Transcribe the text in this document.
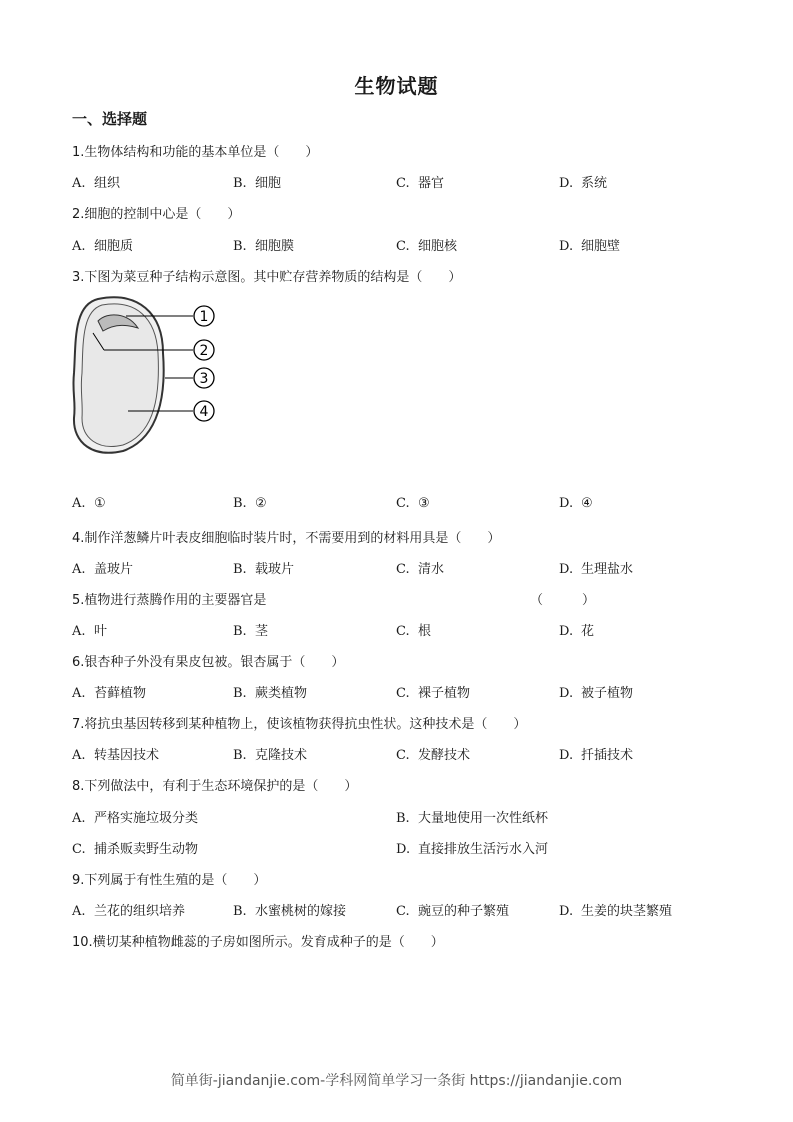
生物试题
一、选择题
1.生物体结构和功能的基本单位是（　　）
A. 组织	B. 细胞	C. 器官	D. 系统
2.细胞的控制中心是（　　）
A. 细胞质	B. 细胞膜	C. 细胞核	D. 细胞壁
3.下图为菜豆种子结构示意图。其中贮存营养物质的结构是（　　）
1
2
3
4
A. ①	B. ②	C. ③	D. ④
4.制作洋葱鳞片叶表皮细胞临时装片时，不需要用到的材料用具是（　　）
A. 盖玻片	B. 载玻片	C. 清水	D. 生理盐水
5.植物进行蒸腾作用的主要器官是	（　　　）
A. 叶	B. 茎	C. 根	D. 花
6.银杏种子外没有果皮包被。银杏属于（　　）
A. 苔藓植物	B. 蕨类植物	C. 裸子植物	D. 被子植物
7.将抗虫基因转移到某种植物上，使该植物获得抗虫性状。这种技术是（　　）
A. 转基因技术	B. 克隆技术	C. 发酵技术	D. 扦插技术
8.下列做法中，有利于生态环境保护的是（　　）
A. 严格实施垃圾分类	B. 大量地使用一次性纸杯
C. 捕杀贩卖野生动物	D. 直接排放生活污水入河
9.下列属于有性生殖的是（　　）
A. 兰花的组织培养	B. 水蜜桃树的嫁接	C. 豌豆的种子繁殖	D. 生姜的块茎繁殖
10.横切某种植物雌蕊的子房如图所示。发育成种子的是（　　）
简单街-jiandanjie.com-学科网简单学习一条街 https://jiandanjie.com
